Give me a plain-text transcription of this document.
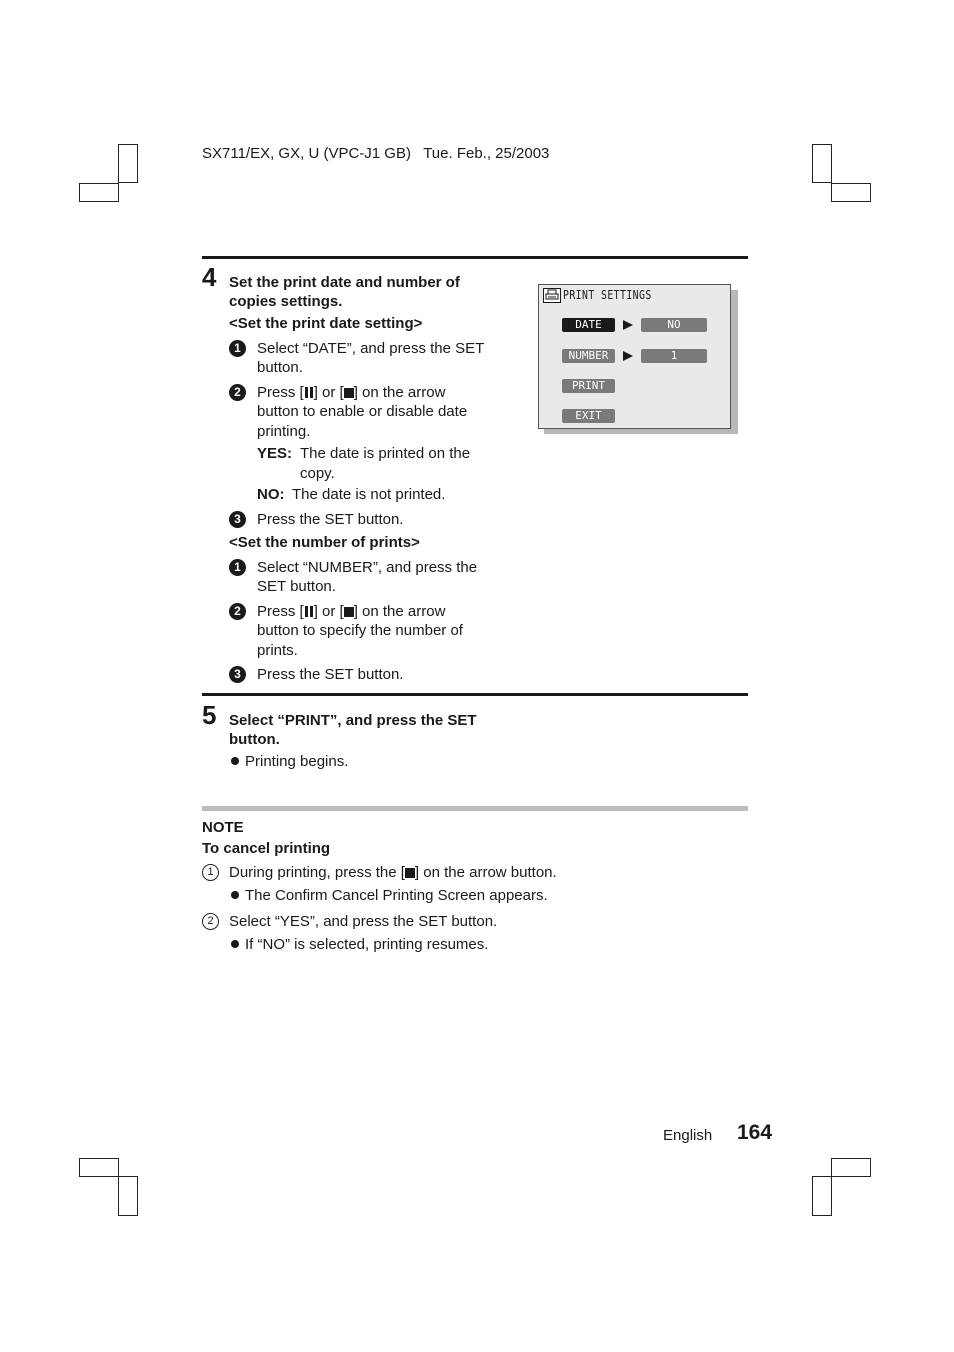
SX711/EX, GX, U (VPC-J1 GB) Tue. Feb., 25/2003
4 Set the print date and number of
copies settings.
<Set the print date setting>
1	Select “DATE”, and press the SET
button.
2	Press [ ] or [ ] on the arrow
button to enable or disable date
printing.
YES: The date is printed on the
copy.
NO: The date is not printed.
3	Press the SET button.
<Set the number of prints>
1	Select “NUMBER”, and press the
SET button.
2	Press [ ] or [ ] on the arrow
button to specify the number of
prints.
3	Press the SET button.
PRINT SETTINGS
DATE	NO
NUMBER	1
PRINT
EXIT
5 Select “PRINT”, and press the SET
button.
Printing begins.
NOTE
To cancel printing
1	During printing, press the [ ] on the arrow button.
The Confirm Cancel Printing Screen appears.
2	Select “YES”, and press the SET button.
If “NO” is selected, printing resumes.
English 164
